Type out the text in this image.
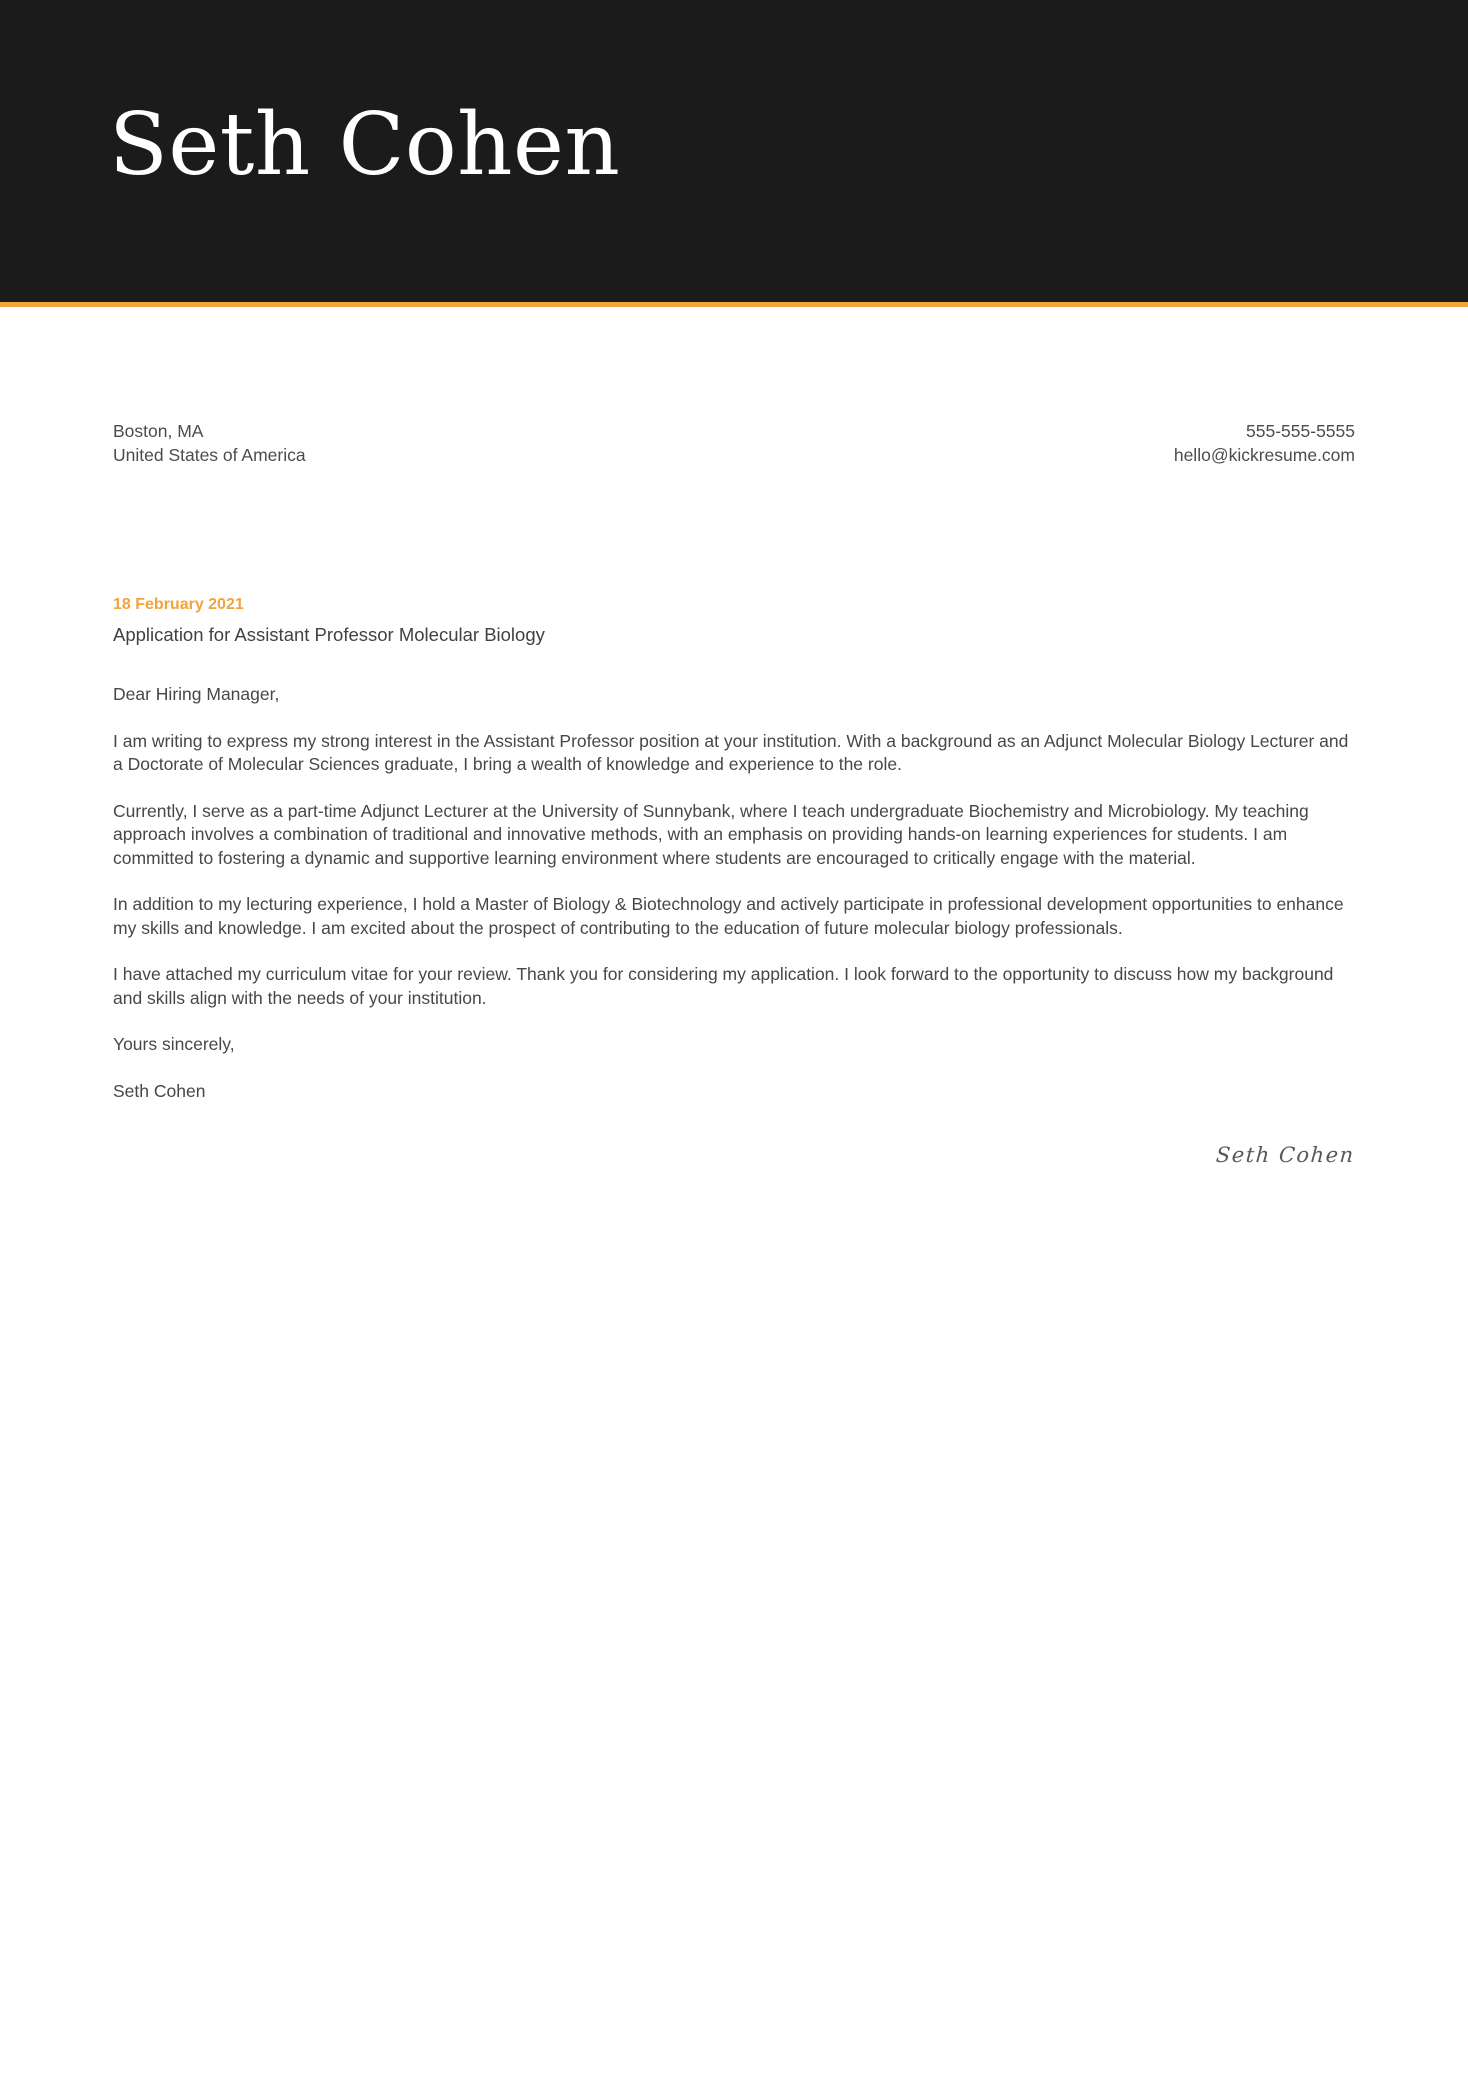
Seth Cohen
Boston, MA
United States of America
555-555-5555
hello@kickresume.com
18 February 2021
Application for Assistant Professor Molecular Biology

Dear Hiring Manager,

I am writing to express my strong interest in the Assistant Professor position at your institution. With a background as an Adjunct Molecular Biology Lecturer and a Doctorate of Molecular Sciences graduate, I bring a wealth of knowledge and experience to the role.

Currently, I serve as a part-time Adjunct Lecturer at the University of Sunnybank, where I teach undergraduate Biochemistry and Microbiology. My teaching approach involves a combination of traditional and innovative methods, with an emphasis on providing hands-on learning experiences for students. I am committed to fostering a dynamic and supportive learning environment where students are encouraged to critically engage with the material.

In addition to my lecturing experience, I hold a Master of Biology & Biotechnology and actively participate in professional development opportunities to enhance my skills and knowledge. I am excited about the prospect of contributing to the education of future molecular biology professionals.

I have attached my curriculum vitae for your review. Thank you for considering my application. I look forward to the opportunity to discuss how my background and skills align with the needs of your institution.

Yours sincerely,

Seth Cohen

Seth Cohen
